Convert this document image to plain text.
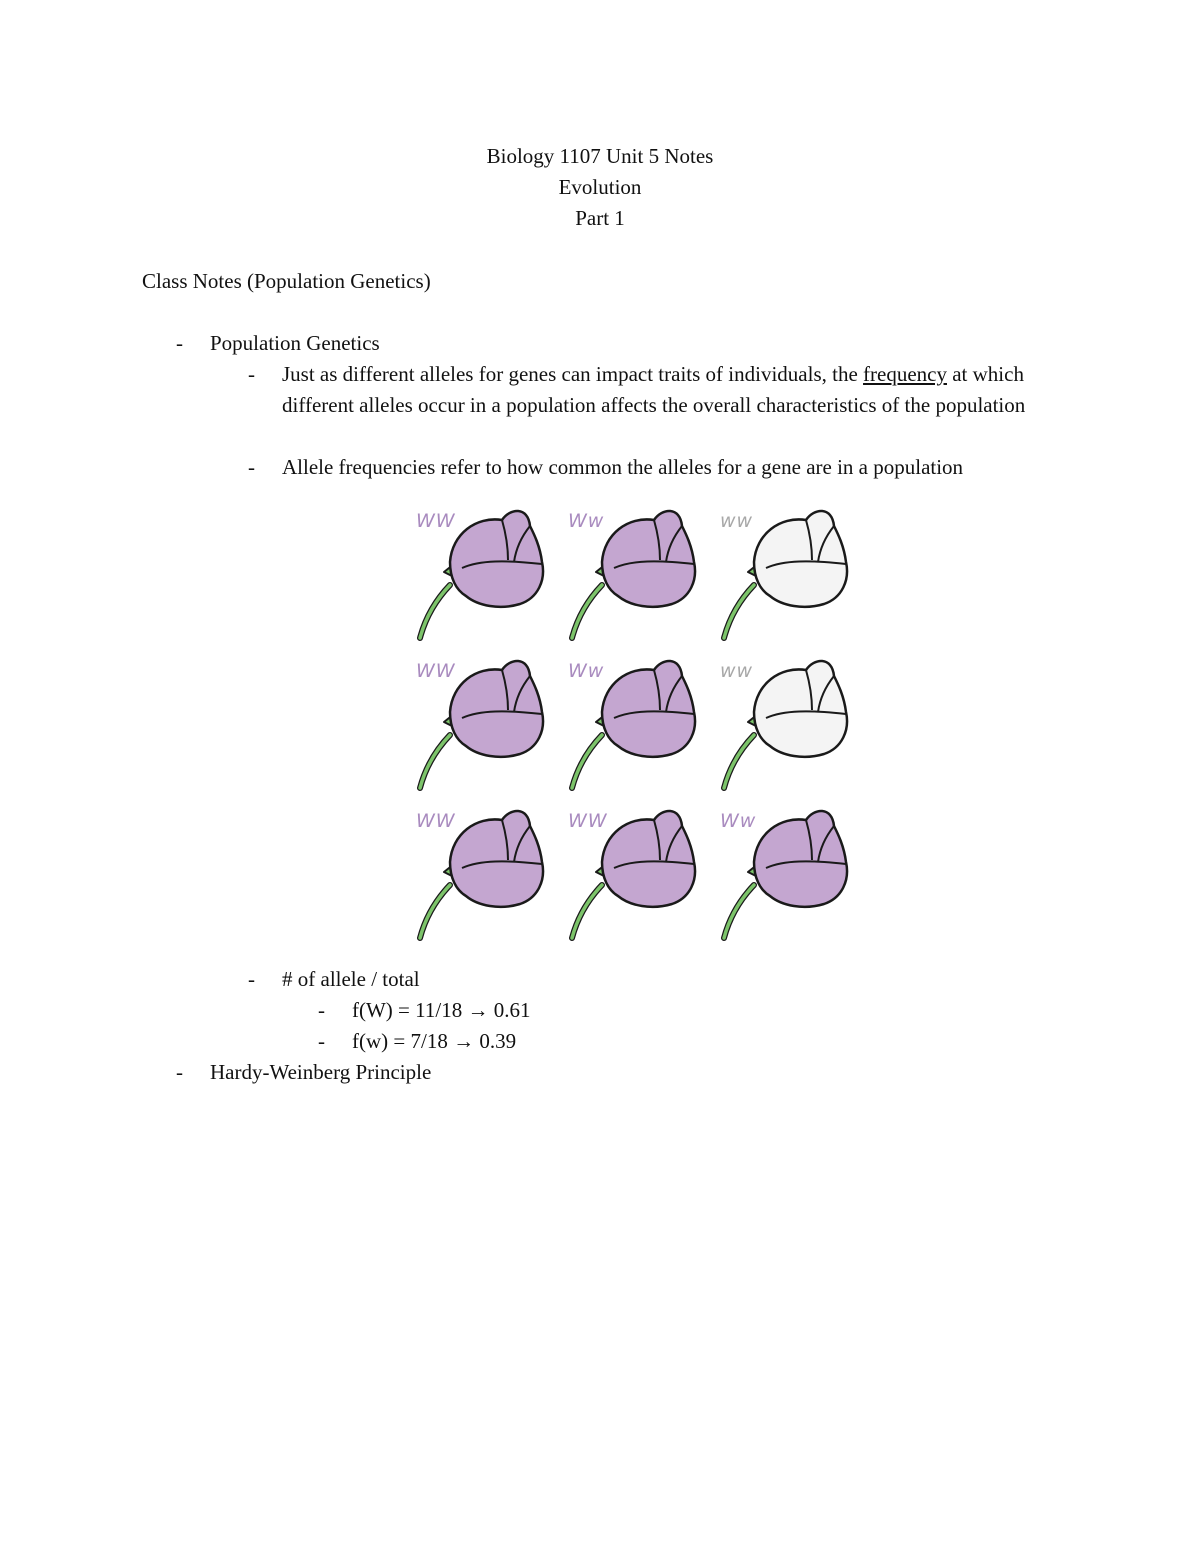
Biology 1107 Unit 5 Notes
Evolution
Part 1
Class Notes (Population Genetics)
-	Population Genetics
-	Just as different alleles for genes can impact traits of individuals, the frequency at which different alleles occur in a population affects the overall characteristics of the population
-	Allele frequencies refer to how common the alleles for a gene are in a population
WW	Ww	ww
WW	Ww	ww
WW	WW	Ww
-	# of allele / total
-	f(W) = 11/18 → 0.61
-	f(w) = 7/18 → 0.39
-	Hardy-Weinberg Principle
